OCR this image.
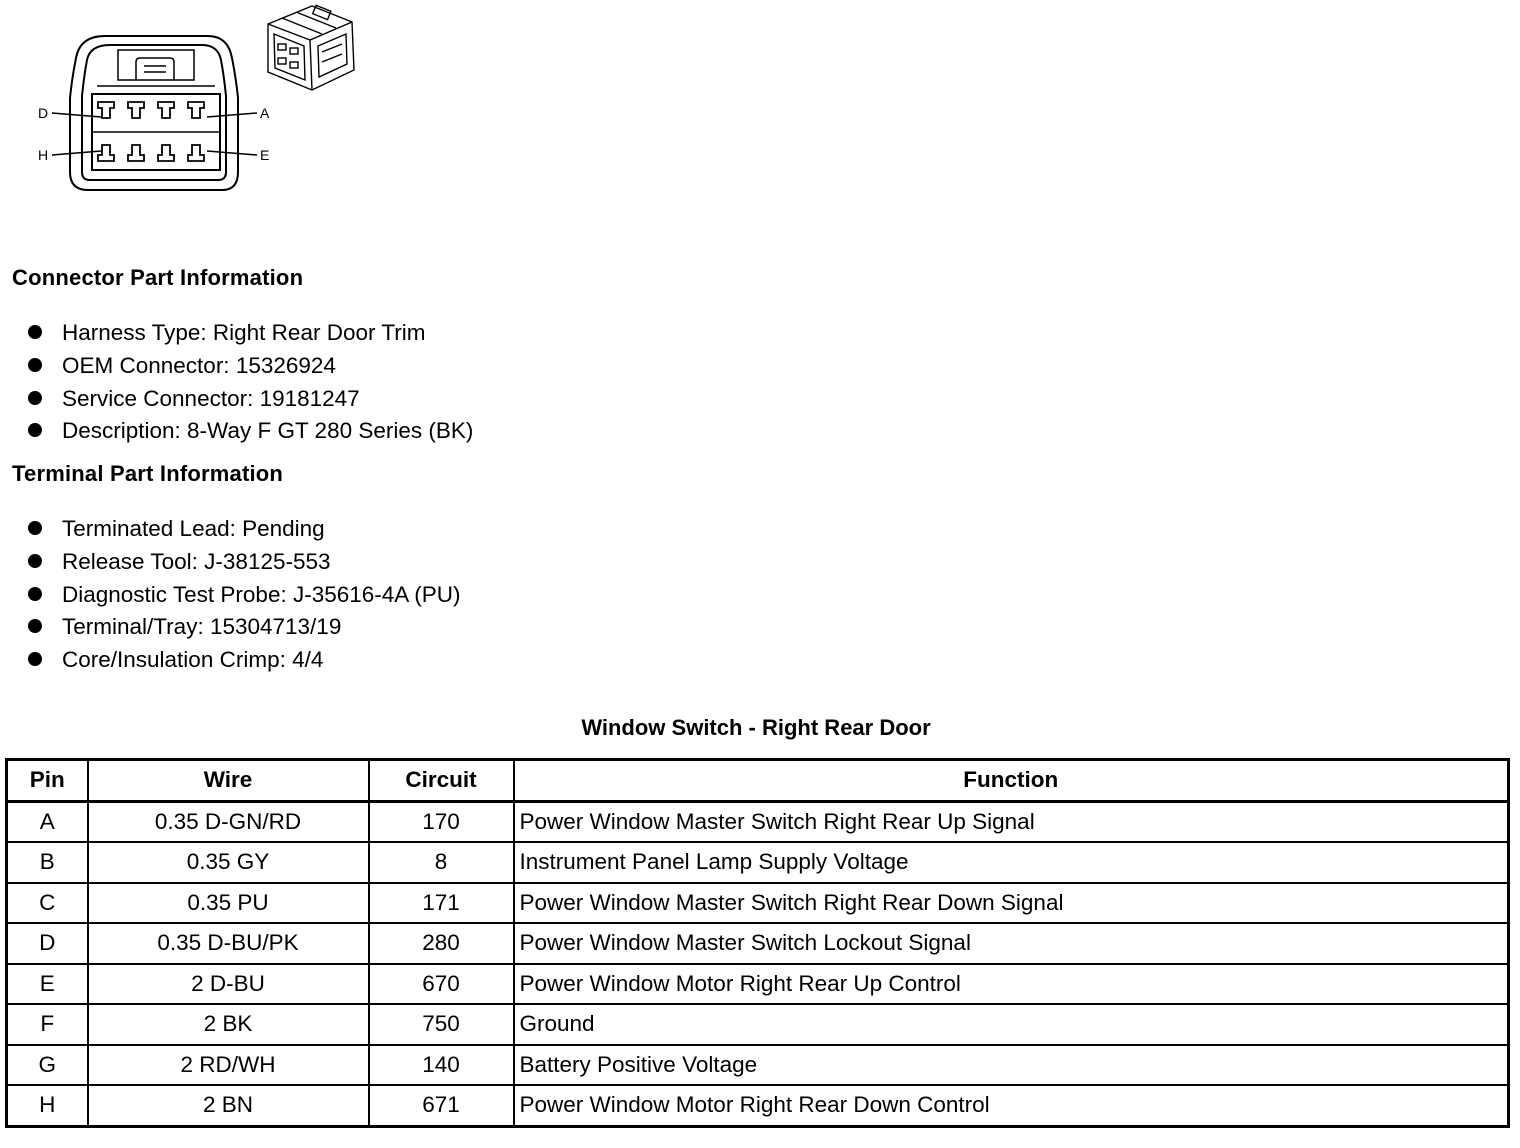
D	A
H	E
Connector Part Information
Harness Type: Right Rear Door Trim
OEM Connector: 15326924
Service Connector: 19181247
Description: 8-Way F GT 280 Series (BK)
Terminal Part Information
Terminated Lead: Pending
Release Tool: J-38125-553
Diagnostic Test Probe: J-35616-4A (PU)
Terminal/Tray: 15304713/19
Core/Insulation Crimp: 4/4
Window Switch - Right Rear Door
Pin	Wire	Circuit	Function
A	0.35 D-GN/RD	170	Power Window Master Switch Right Rear Up Signal
B	0.35 GY	8	Instrument Panel Lamp Supply Voltage
C	0.35 PU	171	Power Window Master Switch Right Rear Down Signal
D	0.35 D-BU/PK	280	Power Window Master Switch Lockout Signal
E	2 D-BU	670	Power Window Motor Right Rear Up Control
F	2 BK	750	Ground
G	2 RD/WH	140	Battery Positive Voltage
H	2 BN	671	Power Window Motor Right Rear Down Control
